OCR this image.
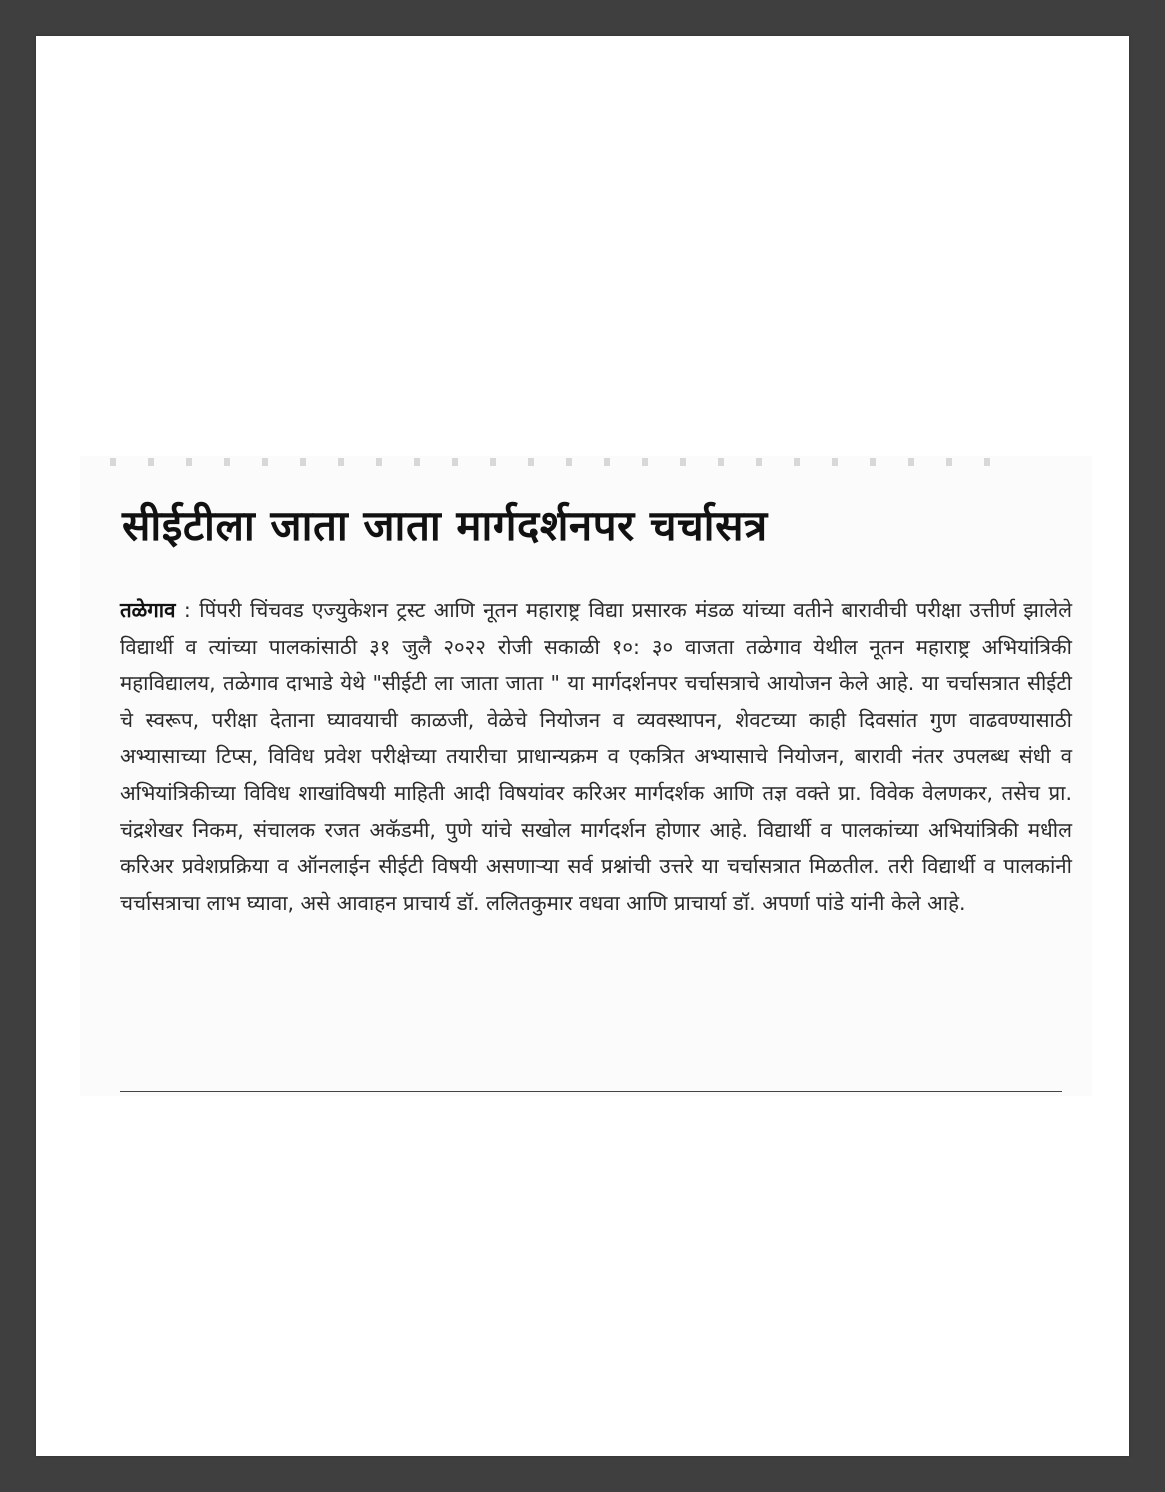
सीईटीला जाता जाता मार्गदर्शनपर चर्चासत्र

तळेगाव : पिंपरी चिंचवड एज्युकेशन ट्रस्ट आणि नूतन महाराष्ट्र विद्या प्रसारक मंडळ यांच्या वतीने बारावीची परीक्षा उत्तीर्ण झालेले विद्यार्थी व त्यांच्या पालकांसाठी ३१ जुलै २०२२ रोजी सकाळी १०: ३० वाजता तळेगाव येथील नूतन महाराष्ट्र अभियांत्रिकी महाविद्यालय, तळेगाव दाभाडे येथे "सीईटी ला जाता जाता " या मार्गदर्शनपर चर्चासत्राचे आयोजन केले आहे. या चर्चासत्रात सीईटी चे स्वरूप, परीक्षा देताना घ्यावयाची काळजी, वेळेचे नियोजन व व्यवस्थापन, शेवटच्या काही दिवसांत गुण वाढवण्यासाठी अभ्यासाच्या टिप्स, विविध प्रवेश परीक्षेच्या तयारीचा प्राधान्यक्रम व एकत्रित अभ्यासाचे नियोजन, बारावी नंतर उपलब्ध संधी व अभियांत्रिकीच्या विविध शाखांविषयी माहिती आदी विषयांवर करिअर मार्गदर्शक आणि तज्ञ वक्ते प्रा. विवेक वेलणकर, तसेच प्रा. चंद्रशेखर निकम, संचालक रजत अकॅडमी, पुणे यांचे सखोल मार्गदर्शन होणार आहे. विद्यार्थी व पालकांच्या अभियांत्रिकी मधील करिअर प्रवेशप्रक्रिया व ऑनलाईन सीईटी विषयी असणाऱ्या सर्व प्रश्नांची उत्तरे या चर्चासत्रात मिळतील. तरी विद्यार्थी व पालकांनी चर्चासत्राचा लाभ घ्यावा, असे आवाहन प्राचार्य डॉ. ललितकुमार वधवा आणि प्राचार्या डॉ. अपर्णा पांडे यांनी केले आहे.
